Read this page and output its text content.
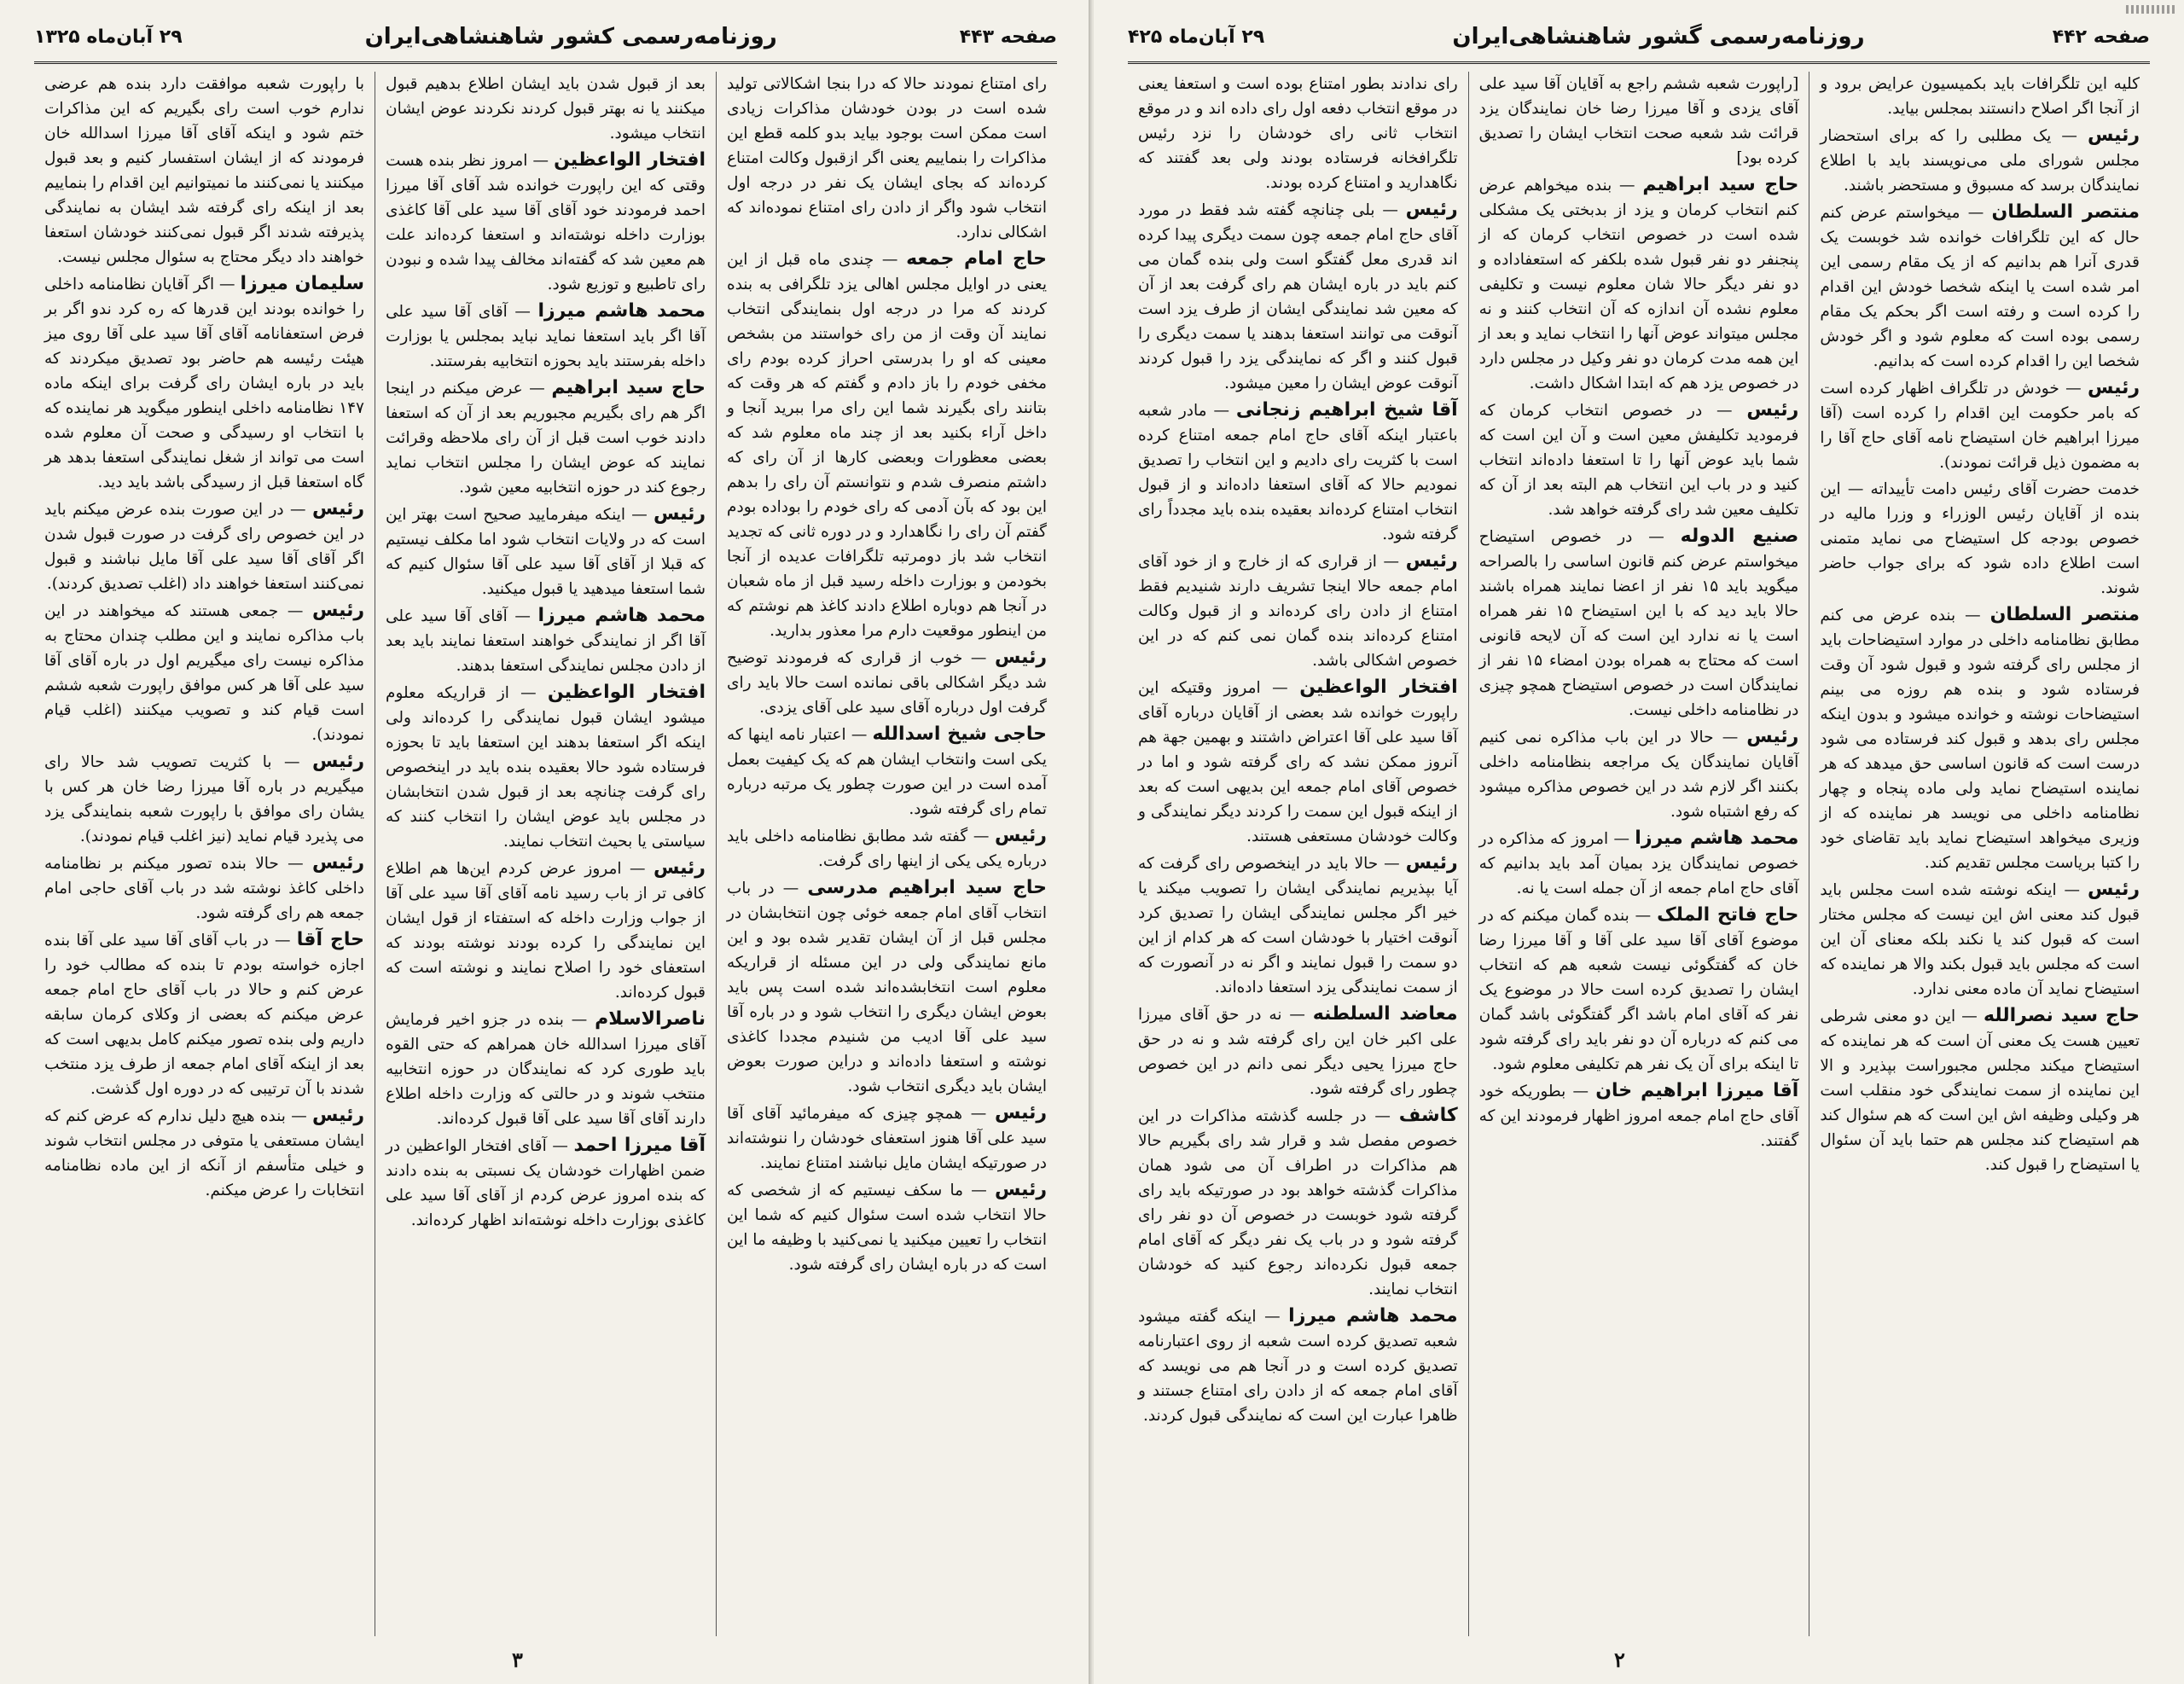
صفحه ۴۴۳
روزنامه‌رسمی کشور شاهنشاهی‌ایران
۲۹ آبان‌ماه ۱۳۲۵

رای امتناع نمودند حالا که درا بنجا اشکالاتی تولید شده است در بودن خودشان مذاکرات زیادی است ممکن است بوجود بیاید بدو کلمه قطع این مذاکرات را بنماییم یعنی اگر ازقبول وکالت امتناع کرده‌اند که بجای ایشان یک نفر در درجه اول انتخاب شود واگر از دادن رای امتناع نموده‌اند که اشکالی ندارد.

حاج امام جمعه — چندی ماه قبل از این یعنی در اوایل مجلس اهالی یزد تلگرافی به بنده کردند که مرا در درجه اول بنمایندگی انتخاب نمایند آن وقت از من رای خواستند من بشخص معینی که او را بدرستی احراز کرده بودم رای مخفی خودم را باز دادم و گفتم که هر وقت که بتانند رای بگیرند شما این رای مرا ببرید آنجا و داخل آراء بکنید بعد از چند ماه معلوم شد که بعضی معظورات وبعضی کارها از آن رای که داشتم منصرف شدم و نتوانستم آن رای را بدهم این بود که بآن آدمی که رای خودم را بوداده بودم گفتم آن رای را نگاهدارد و در دوره ثانی که تجدید انتخاب شد باز دومرتبه تلگرافات عدیده از آنجا بخودمن و بوزارت داخله رسید قبل از ماه شعبان در آنجا هم دوباره اطلاع دادند کاغذ هم نوشتم که من اینطور موقعیت دارم مرا معذور بدارید.

رئیس — خوب از قراری که فرمودند توضیح شد دیگر اشکالی باقی نمانده است حالا باید رای گرفت اول درباره آقای سید علی آقای یزدی.

حاجی شیخ اسدالله — اعتبار نامه اینها که یکی است وانتخاب ایشان هم که یک کیفیت بعمل آمده است در این صورت چطور یک مرتبه درباره تمام رای گرفته شود.

رئیس — گفته شد مطابق نظامنامه داخلی باید درباره یکی یکی از اینها رای گرفت.

حاج سید ابراهیم مدرسی — در باب انتخاب آقای امام جمعه خوئی چون انتخابشان در مجلس قبل از آن ایشان تقدیر شده بود و این مانع نمایندگی ولی در این مسئله از قراریکه معلوم است انتخابشده‌اند شده است پس باید بعوض ایشان دیگری را انتخاب شود و در باره آقا سید علی آقا ادیب من شنیدم مجددا کاغذی نوشته و استعفا داده‌اند و دراین صورت بعوض ایشان باید دیگری انتخاب شود.

رئیس — همچو چیزی که میفرمائید آقای آقا سید علی آقا هنوز استعفای خودشان را ننوشته‌اند در صورتیکه ایشان مایل نباشند امتناع نمایند.

رئیس — ما سکف نیستیم که از شخصی که حالا انتخاب شده است سئوال کنیم که شما این انتخاب را تعیین میکنید یا نمی‌کنید با وظیفه ما این است که در باره ایشان رای گرفته شود.

بعد از قبول شدن باید ایشان اطلاع بدهیم قبول میکنند یا نه بهتر قبول کردند نکردند عوض ایشان انتخاب میشود.

افتخار الواعظین — امروز نظر بنده هست وقتی که این راپورت خوانده شد آقای آقا میرزا احمد فرمودند خود آقای آقا سید علی آقا کاغذی بوزارت داخله نوشته‌اند و استعفا کرده‌اند علت هم معین شد که گفته‌اند مخالف پیدا شده و نبودن رای تاطبیع و توزیع شود.

محمد هاشم میرزا — آقای آقا سید علی آقا اگر باید استعفا نماید نباید بمجلس یا بوزارت داخله بفرستند باید بحوزه انتخابیه بفرستند.

حاج سید ابراهیم — عرض میکنم در اینجا اگر هم رای بگیریم مجبوریم بعد از آن که استعفا دادند خوب است قبل از آن رای ملاحظه وقرائت نمایند که عوض ایشان را مجلس انتخاب نماید رجوع کند در حوزه انتخابیه معین شود.

رئیس — اینکه میفرمایید صحیح است بهتر این است که در ولایات انتخاب شود اما مکلف نیستیم که قبلا از آقای آقا سید علی آقا سئوال کنیم که شما استعفا میدهید یا قبول میکنید.

محمد هاشم میرزا — آقای آقا سید علی آقا اگر از نمایندگی خواهند استعفا نمایند باید بعد از دادن مجلس نمایندگی استعفا بدهند.

افتخار الواعظین — از قراریکه معلوم میشود ایشان قبول نمایندگی را کرده‌اند ولی اینکه اگر استعفا بدهند این استعفا باید تا بحوزه فرستاده شود حالا بعقیده بنده باید در اینخصوص رای گرفت چنانچه بعد از قبول شدن انتخابشان در مجلس باید عوض ایشان را انتخاب کنند که سیاستی یا بحیث انتخاب نمایند.

رئیس — امروز عرض کردم این‌ها هم اطلاع کافی تر از باب رسید نامه آقای آقا سید علی آقا از جواب وزارت داخله که استفتاء از قول ایشان این نمایندگی را کرده بودند نوشته بودند که استعفای خود را اصلاح نمایند و نوشته است که قبول کرده‌اند.

ناصرالاسلام — بنده در جزو اخیر فرمایش آقای میرزا اسدالله خان همراهم که حتی القوه باید طوری کرد که نمایندگان در حوزه انتخابیه منتخب شوند و در حالتی که وزارت داخله اطلاع دارند آقای آقا سید علی آقا قبول کرده‌اند.

آقا میرزا احمد — آقای افتخار الواعظین در ضمن اظهارات خودشان یک نسبتی به بنده دادند که بنده امروز عرض کردم از آقای آقا سید علی کاغذی بوزارت داخله نوشته‌اند اظهار کرده‌اند.

با راپورت شعبه موافقت دارد بنده هم عرضی ندارم خوب است رای بگیریم که این مذاکرات ختم شود و اینکه آقای آقا میرزا اسدالله خان فرمودند که از ایشان استفسار کنیم و بعد قبول میکنند یا نمی‌کنند ما نمیتوانیم این اقدام را بنماییم بعد از اینکه رای گرفته شد ایشان به نمایندگی پذیرفته شدند اگر قبول نمی‌کنند خودشان استعفا خواهند داد دیگر محتاج به سئوال مجلس نیست.

سلیمان میرزا — اگر آقایان نظامنامه داخلی را خوانده بودند این قدرها که ره کرد ندو اگر بر فرض استعفانامه آقای آقا سید علی آقا روی میز هیئت رئیسه هم حاضر بود تصدیق میکردند که باید در باره ایشان رای گرفت برای اینکه ماده ۱۴۷ نظامنامه داخلی اینطور میگوید هر نماینده که با انتخاب او رسیدگی و صحت آن معلوم شده است می تواند از شغل نمایندگی استعفا بدهد هر گاه استعفا قبل از رسیدگی باشد باید دید.

رئیس — در این صورت بنده عرض میکنم باید در این خصوص رای گرفت در صورت قبول شدن اگر آقای آقا سید علی آقا مایل نباشند و قبول نمی‌کنند استعفا خواهند داد (اغلب تصدیق کردند).

رئیس — جمعی هستند که میخواهند در این باب مذاکره نمایند و این مطلب چندان محتاج به مذاکره نیست رای میگیریم اول در باره آقای آقا سید علی آقا هر کس موافق راپورت شعبه ششم است قیام کند و تصویب میکنند (اغلب قیام نمودند).

رئیس — با کثریت تصویب شد حالا رای میگیریم در باره آقا میرزا رضا خان هر کس با یشان رای موافق با راپورت شعبه بنمایندگی یزد می پذیرد قیام نماید (نیز اغلب قیام نمودند).

رئیس — حالا بنده تصور میکنم بر نظامنامه داخلی کاغذ نوشته شد در باب آقای حاجی امام جمعه هم رای گرفته شود.

حاج آقا — در باب آقای آقا سید علی آقا بنده اجازه خواسته بودم تا بنده که مطالب خود را عرض کنم و حالا در باب آقای حاج امام جمعه عرض میکنم که بعضی از وکلای کرمان سابقه داریم ولی بنده تصور میکنم کامل بدیهی است که بعد از اینکه آقای امام جمعه از طرف یزد منتخب شدند با آن ترتیبی که در دوره اول گذشت.

رئیس — بنده هیچ دلیل ندارم که عرض کنم که ایشان مستعفی یا متوفی در مجلس انتخاب شوند و خیلی متأسفم از آنکه از این ماده نظامنامه انتخابات را عرض میکنم.

۳
صفحه ۴۴۲
روزنامه‌رسمی گشور شاهنشاهی‌ایران
۲۹ آبان‌ماه ۴۲۵

کلیه این تلگرافات باید بکمیسیون عرایض برود و از آنجا اگر اصلاح دانستند بمجلس بیاید.

رئیس — یک مطلبی را که برای استحضار مجلس شورای ملی می‌نویسند باید با اطلاع نمایندگان برسد که مسبوق و مستحضر باشند.

منتصر السلطان — میخواستم عرض کنم حال که این تلگرافات خوانده شد خوبست یک قدرى آنرا هم بدانیم که از یک مقام رسمی این امر شده است یا اینکه شخصا خودش این اقدام را کرده است و رفته است اگر بحکم یک مقام رسمی بوده است که معلوم شود و اگر خودش شخصا این را اقدام کرده است که بدانیم.

رئیس — خودش در تلگراف اظهار کرده است که بامر حکومت این اقدام را کرده است (آقا میرزا ابراهیم خان استیضاح نامه آقای حاج آقا را به مضمون ذیل قرائت نمودند).

خدمت حضرت آقای رئیس دامت تأییداته — این بنده از آقایان رئیس الوزراء و وزرا مالیه در خصوص بودجه کل استیضاح می نماید متمنی است اطلاع داده شود که برای جواب حاضر شوند.

منتصر السلطان — بنده عرض می کنم مطابق نظامنامه داخلی در موارد استیضاحات باید از مجلس رای گرفته شود و قبول شود آن وقت فرستاده شود و بنده هم روزه می بینم استیضاحات نوشته و خوانده میشود و بدون اینکه مجلس رای بدهد و قبول کند فرستاده می شود درست است که قانون اساسی حق میدهد که هر نماینده استیضاح نماید ولی ماده پنجاه و چهار نظامنامه داخلی می نویسد هر نماینده که از وزیری میخواهد استیضاح نماید باید تقاضای خود را کتبا بریاست مجلس تقدیم کند.

رئیس — اینکه نوشته شده است مجلس باید قبول کند معنی اش این نیست که مجلس مختار است که قبول کند یا نکند بلکه معنای آن این است که مجلس باید قبول بکند والا هر نماینده که استیضاح نماید آن ماده معنی ندارد.

حاج سید نصرالله — این دو معنی شرطی تعیین هست یک معنی آن است که هر نماینده که استیضاح میکند مجلس مجبوراست بپذیرد و الا این نماینده از سمت نمایندگی خود منقلب است هر وکیلی وظیفه اش این است که هم سئوال کند هم استیضاح کند مجلس هم حتما باید آن سئوال یا استیضاح را قبول کند.

[راپورت شعبه ششم راجع به آقایان آقا سید علی آقای یزدی و آقا میرزا رضا خان نمایندگان یزد قرائت شد شعبه صحت انتخاب ایشان را تصدیق کرده بود]

حاج سید ابراهیم — بنده میخواهم عرض کنم انتخاب کرمان و یزد از بدبختی یک مشکلی شده است در خصوص انتخاب کرمان که از پنجنفر دو نفر قبول شده بلکفر که استعفاداده و دو نفر دیگر حالا شان معلوم نیست و تکلیفی معلوم نشده آن اندازه که آن انتخاب کنند و نه مجلس میتواند عوض آنها را انتخاب نماید و بعد از این همه مدت کرمان دو نفر وکیل در مجلس دارد در خصوص یزد هم که ابتدا اشکال داشت.

رئیس — در خصوص انتخاب کرمان که فرمودید تکلیفش معین است و آن این است که شما باید عوض آنها را تا استعفا داده‌اند انتخاب کنید و در باب این انتخاب هم البته بعد از آن که تکلیف معین شد رای گرفته خواهد شد.

صنیع الدوله — در خصوص استیضاح میخواستم عرض کنم قانون اساسی را بالصراحه میگوید باید ۱۵ نفر از اعضا نمایند همراه باشند حالا باید دید که با این استیضاح ۱۵ نفر همراه است یا نه ندارد این است که آن لایحه قانونی است که محتاج به همراه بودن امضاء ۱۵ نفر از نمایندگان است در خصوص استیضاح همچو چیزی در نظامنامه داخلی نیست.

رئیس — حالا در این باب مذاکره نمی کنیم آقایان نمایندگان یک مراجعه بنظامنامه داخلی بکنند اگر لازم شد در این خصوص مذاکره میشود که رفع اشتباه شود.

محمد هاشم میرزا — امروز که مذاکره در خصوص نمایندگان یزد بمیان آمد باید بدانیم که آقای حاج امام جمعه از آن جمله است یا نه.

حاج فاتح الملک — بنده گمان میکنم که در موضوع آقای آقا سید علی آقا و آقا میرزا رضا خان که گفتگوئی نیست شعبه هم که انتخاب ایشان را تصدیق کرده است حالا در موضوع یک نفر که آقای امام باشد اگر گفتگوئی باشد گمان می کنم که درباره آن دو نفر باید رای گرفته شود تا اینکه برای آن یک نفر هم تکلیفی معلوم شود.

آقا میرزا ابراهیم خان — بطوریکه خود آقای حاج امام جمعه امروز اظهار فرمودند این که گفتند.

رای ندادند بطور امتناع بوده است و استعفا یعنی در موقع انتخاب دفعه اول رای داده اند و در موقع انتخاب ثانی رای خودشان را نزد رئیس تلگرافخانه فرستاده بودند ولی بعد گفتند که نگاهدارید و امتناع کرده بودند.

رئیس — بلی چنانچه گفته شد فقط در مورد آقای حاج امام جمعه چون سمت دیگری پیدا کرده اند قدری معل گفتگو است ولی بنده گمان می کنم باید در باره ایشان هم رای گرفت بعد از آن که معین شد نمایندگی ایشان از طرف یزد است آنوقت می توانند استعفا بدهند یا سمت دیگری را قبول کنند و اگر که نمایندگی یزد را قبول کردند آنوقت عوض ایشان را معین میشود.

آقا شیخ ابراهیم زنجانی — مادر شعبه باعتبار اینکه آقای حاج امام جمعه امتناع کرده است با کثریت رای دادیم و این انتخاب را تصدیق نمودیم حالا که آقای استعفا داده‌اند و از قبول انتخاب امتناع کرده‌اند بعقیده بنده باید مجدداً رای گرفته شود.

رئیس — از قراری که از خارج و از خود آقای امام جمعه حالا اینجا تشریف دارند شنیدیم فقط امتناع از دادن رای کرده‌اند و از قبول وکالت امتناع کرده‌اند بنده گمان نمی کنم که در این خصوص اشکالی باشد.

افتخار الواعظین — امروز وقتیکه این راپورت خوانده شد بعضی از آقایان درباره آقای آقا سید علی آقا اعتراض داشتند و بهمین جهة هم آنروز ممکن نشد که رای گرفته شود و اما در خصوص آقای امام جمعه این بدیهی است که بعد از اینکه قبول این سمت را کردند دیگر نمایندگی و وکالت خودشان مستعفی هستند.

رئیس — حالا باید در اینخصوص رای گرفت که آیا بپذیریم نمایندگی ایشان را تصویب میکند یا خیر اگر مجلس نمایندگی ایشان را تصدیق کرد آنوقت اختیار با خودشان است که هر کدام از این دو سمت را قبول نمایند و اگر نه در آنصورت که از سمت نمایندگی یزد استعفا داده‌اند.

معاضد السلطنه — نه در حق آقای میرزا علی اکبر خان این رای گرفته شد و نه در حق حاج میرزا یحیی دیگر نمی دانم در این خصوص چطور رای گرفته شود.

کاشف — در جلسه گذشته مذاکرات در این خصوص مفصل شد و قرار شد رای بگیریم حالا هم مذاکرات در اطراف آن می شود همان مذاکرات گذشته خواهد بود در صورتیکه باید رای گرفته شود خوبست در خصوص آن دو نفر رای گرفته شود و در باب یک نفر دیگر که آقای امام جمعه قبول نکرده‌اند رجوع کنید که خودشان انتخاب نمایند.

محمد هاشم میرزا — اینکه گفته میشود شعبه تصدیق کرده است شعبه از روی اعتبارنامه تصدیق کرده است و در آنجا هم می نویسد که آقای امام جمعه که از دادن رای امتناع جستند و ظاهرا عبارت این است که نمایندگی قبول کردند.

۲
